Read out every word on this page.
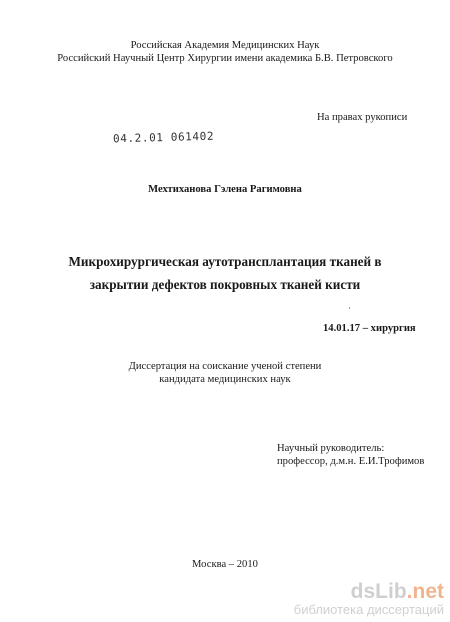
Российская Академия Медицинских Наук
Российский Научный Центр Хирургии имени академика Б.В. Петровского
На правах рукописи
04.2.01 061402
Мехтиханова Гэлена Рагимовна
Микрохирургическая аутотрансплантация тканей в
закрытии дефектов покровных тканей кисти
14.01.17 – хирургия
Диссертация на соискание ученой степени
кандидата медицинских наук
Научный руководитель:
профессор, д.м.н. Е.И.Трофимов
Москва – 2010
dsLib.net
библиотека диссертаций
